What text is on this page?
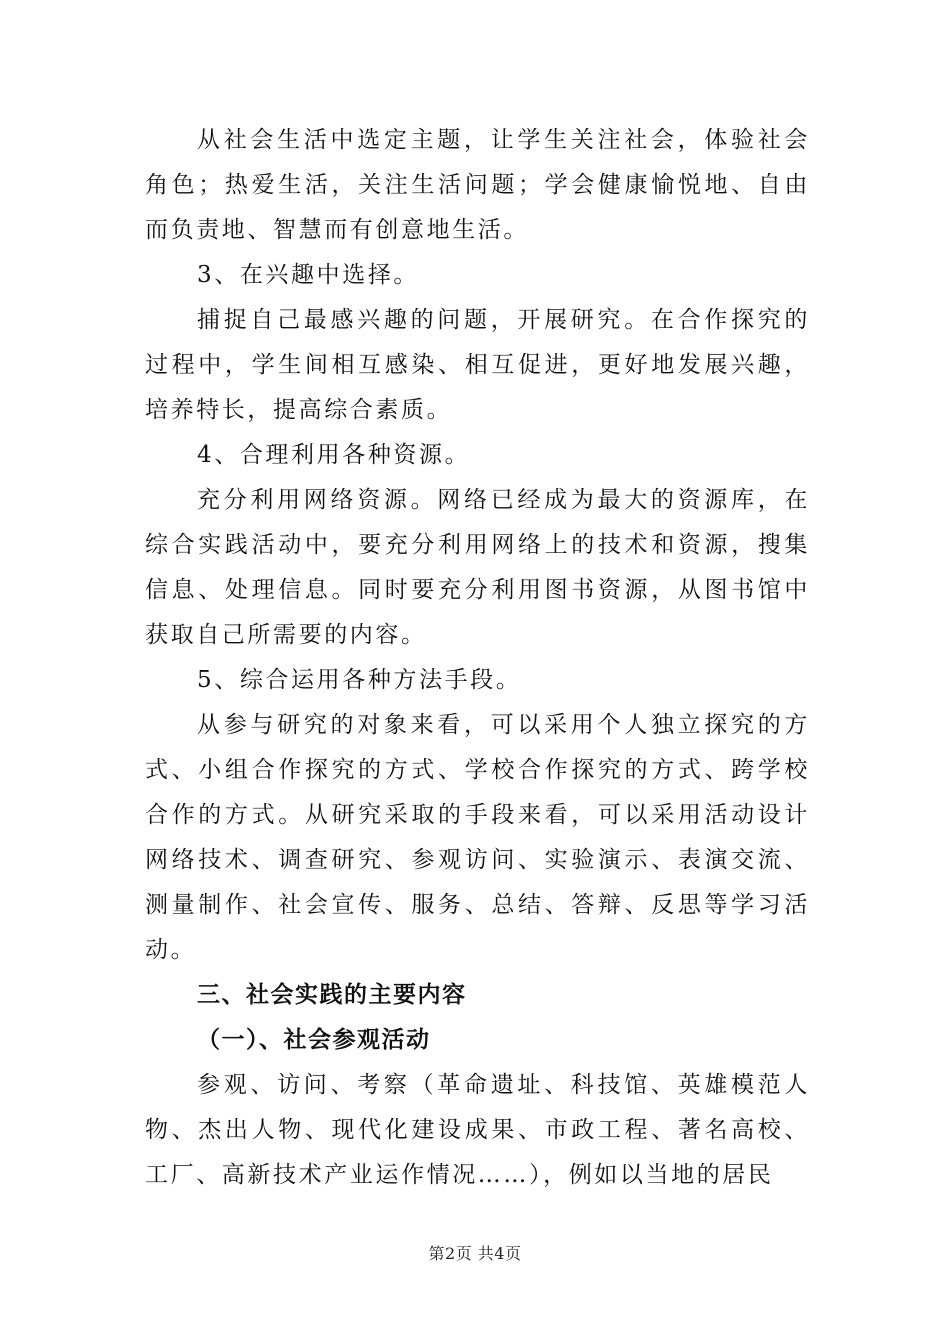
从社会生活中选定主题，让学生关注社会，体验社会角色；热爱生活，关注生活问题；学会健康愉悦地、自由而负责地、智慧而有创意地生活。

3、在兴趣中选择。

捕捉自己最感兴趣的问题，开展研究。在合作探究的过程中，学生间相互感染、相互促进，更好地发展兴趣，培养特长，提高综合素质。

4、合理利用各种资源。

充分利用网络资源。网络已经成为最大的资源库，在综合实践活动中，要充分利用网络上的技术和资源，搜集信息、处理信息。同时要充分利用图书资源，从图书馆中获取自己所需要的内容。

5、综合运用各种方法手段。

从参与研究的对象来看，可以采用个人独立探究的方式、小组合作探究的方式、学校合作探究的方式、跨学校合作的方式。从研究采取的手段来看，可以采用活动设计网络技术、调查研究、参观访问、实验演示、表演交流、测量制作、社会宣传、服务、总结、答辩、反思等学习活动。

三、社会实践的主要内容
（一）、社会参观活动

参观、访问、考察（革命遗址、科技馆、英雄模范人物、杰出人物、现代化建设成果、市政工程、著名高校、工厂、高新技术产业运作情况……），例如以当地的居民

第2页 共4页
